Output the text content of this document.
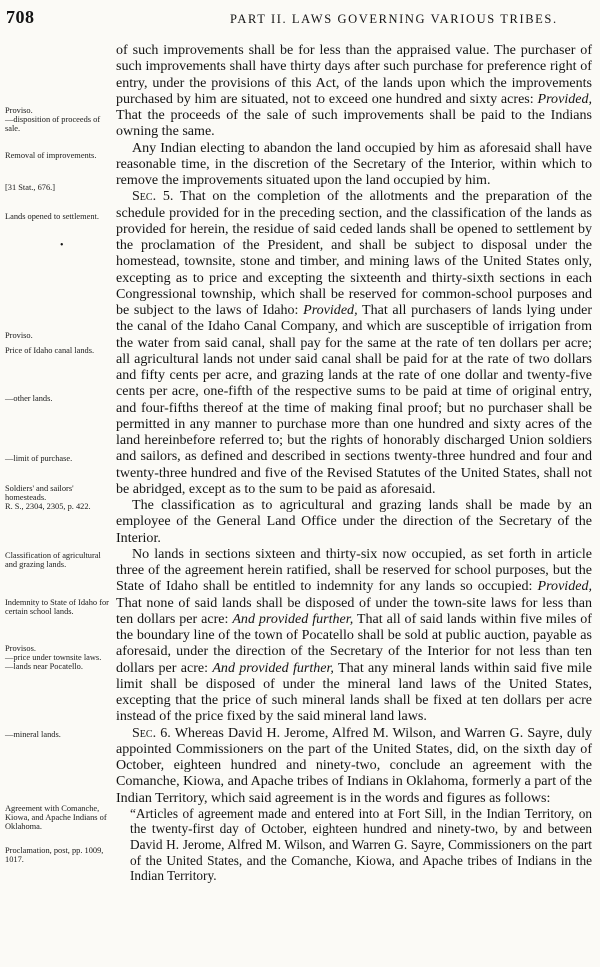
708	PART II. LAWS GOVERNING VARIOUS TRIBES.
Proviso.
—disposition of proceeds of sale.
Removal of improvements.
[31 Stat., 676.]
Lands opened to settlement.
•
Proviso.
Price of Idaho canal lands.
—other lands.
—limit of purchase.
Soldiers' and sailors' homesteads.
R. S., 2304, 2305, p. 422.
Classification of agricultural and grazing lands.
Indemnity to State of Idaho for certain school lands.
Provisos.
—price under townsite laws.
—lands near Pocatello.
—mineral lands.
Agreement with Comanche, Kiowa, and Apache Indians of Oklahoma.
Proclamation, post, pp. 1009, 1017.

of such improvements shall be for less than the appraised value. The purchaser of such improvements shall have thirty days after such purchase for preference right of entry, under the provisions of this Act, of the lands upon which the improvements purchased by him are situated, not to exceed one hundred and sixty acres: Provided, That the proceeds of the sale of such improvements shall be paid to the Indians owning the same.

Any Indian electing to abandon the land occupied by him as aforesaid shall have reasonable time, in the discretion of the Secretary of the Interior, within which to remove the improvements situated upon the land occupied by him.

Sec. 5. That on the completion of the allotments and the preparation of the schedule provided for in the preceding section, and the classification of the lands as provided for herein, the residue of said ceded lands shall be opened to settlement by the proclamation of the President, and shall be subject to disposal under the homestead, townsite, stone and timber, and mining laws of the United States only, excepting as to price and excepting the sixteenth and thirty-sixth sections in each Congressional township, which shall be reserved for common-school purposes and be subject to the laws of Idaho: Provided, That all purchasers of lands lying under the canal of the Idaho Canal Company, and which are susceptible of irrigation from the water from said canal, shall pay for the same at the rate of ten dollars per acre; all agricultural lands not under said canal shall be paid for at the rate of two dollars and fifty cents per acre, and grazing lands at the rate of one dollar and twenty-five cents per acre, one-fifth of the respective sums to be paid at time of original entry, and four-fifths thereof at the time of making final proof; but no purchaser shall be permitted in any manner to purchase more than one hundred and sixty acres of the land hereinbefore referred to; but the rights of honorably discharged Union soldiers and sailors, as defined and described in sections twenty-three hundred and four and twenty-three hundred and five of the Revised Statutes of the United States, shall not be abridged, except as to the sum to be paid as aforesaid.

The classification as to agricultural and grazing lands shall be made by an employee of the General Land Office under the direction of the Secretary of the Interior.

No lands in sections sixteen and thirty-six now occupied, as set forth in article three of the agreement herein ratified, shall be reserved for school purposes, but the State of Idaho shall be entitled to indemnity for any lands so occupied: Provided, That none of said lands shall be disposed of under the town-site laws for less than ten dollars per acre: And provided further, That all of said lands within five miles of the boundary line of the town of Pocatello shall be sold at public auction, payable as aforesaid, under the direction of the Secretary of the Interior for not less than ten dollars per acre: And provided further, That any mineral lands within said five mile limit shall be disposed of under the mineral land laws of the United States, excepting that the price of such mineral lands shall be fixed at ten dollars per acre instead of the price fixed by the said mineral land laws.

Sec. 6. Whereas David H. Jerome, Alfred M. Wilson, and Warren G. Sayre, duly appointed Commissioners on the part of the United States, did, on the sixth day of October, eighteen hundred and ninety-two, conclude an agreement with the Comanche, Kiowa, and Apache tribes of Indians in Oklahoma, formerly a part of the Indian Territory, which said agreement is in the words and figures as follows:

“Articles of agreement made and entered into at Fort Sill, in the Indian Territory, on the twenty-first day of October, eighteen hundred and ninety-two, by and between David H. Jerome, Alfred M. Wilson, and Warren G. Sayre, Commissioners on the part of the United States, and the Comanche, Kiowa, and Apache tribes of Indians in the Indian Territory.
